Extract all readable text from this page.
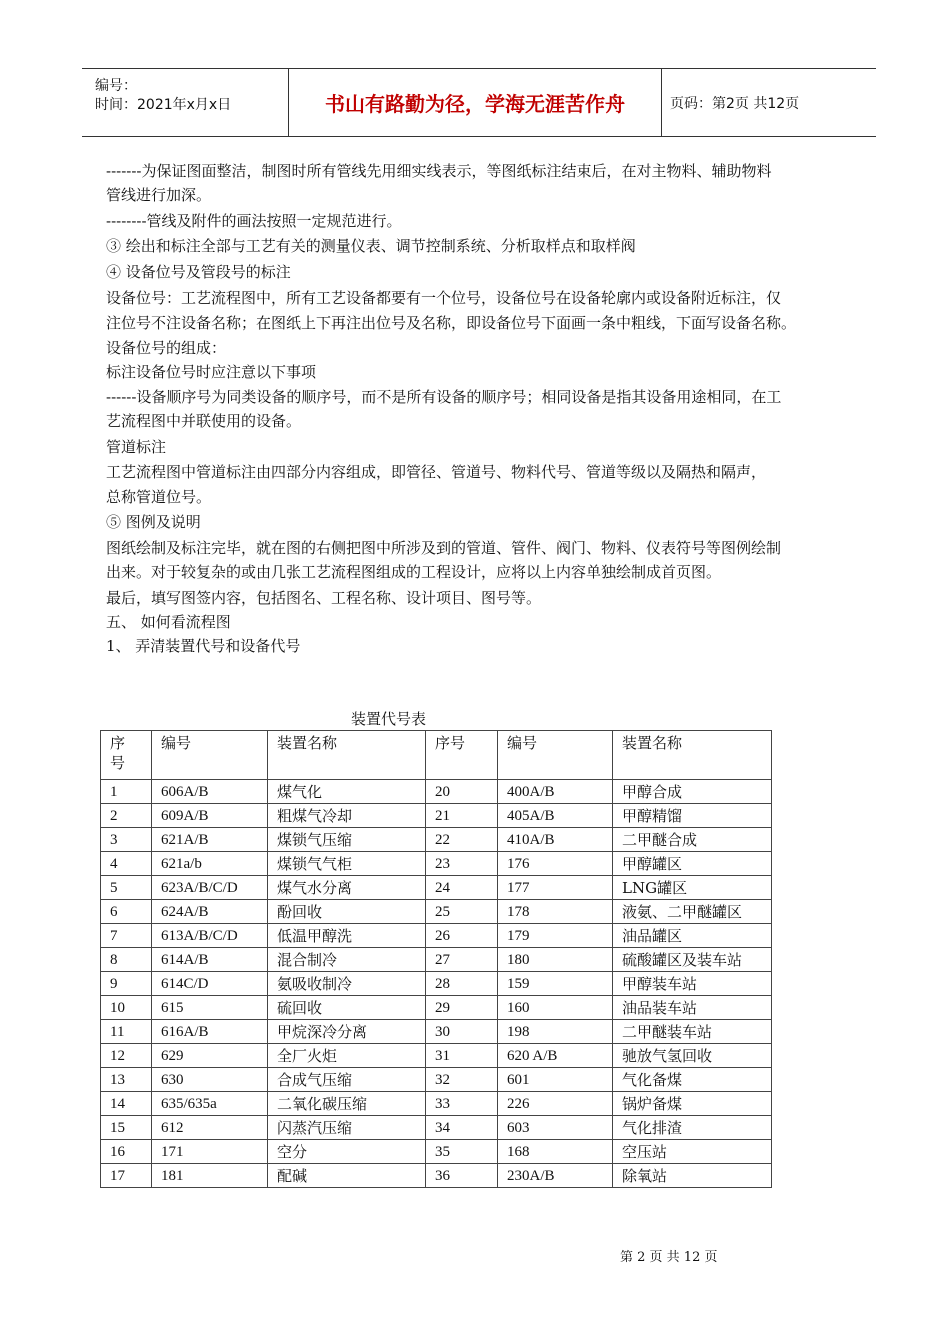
编号：
时间：2021年x月x日	书山有路勤为径，学海无涯苦作舟	页码：第2页 共12页
-------为保证图面整洁，制图时所有管线先用细实线表示，等图纸标注结束后，在对主物料、辅助物料
管线进行加深。
--------管线及附件的画法按照一定规范进行。
③ 绘出和标注全部与工艺有关的测量仪表、调节控制系统、分析取样点和取样阀
④ 设备位号及管段号的标注
设备位号：工艺流程图中，所有工艺设备都要有一个位号，设备位号在设备轮廓内或设备附近标注，仅
注位号不注设备名称；在图纸上下再注出位号及名称，即设备位号下面画一条中粗线，下面写设备名称。
设备位号的组成：
标注设备位号时应注意以下事项
------设备顺序号为同类设备的顺序号，而不是所有设备的顺序号；相同设备是指其设备用途相同，在工
艺流程图中并联使用的设备。
管道标注
工艺流程图中管道标注由四部分内容组成，即管径、管道号、物料代号、管道等级以及隔热和隔声，
总称管道位号。
⑤ 图例及说明
图纸绘制及标注完毕，就在图的右侧把图中所涉及到的管道、管件、阀门、物料、仪表符号等图例绘制
出来。对于较复杂的或由几张工艺流程图组成的工程设计，应将以上内容单独绘制成首页图。
最后，填写图签内容，包括图名、工程名称、设计项目、图号等。
五、 如何看流程图
1、 弄清装置代号和设备代号
装置代号表
序号	编号	装置名称	序号	编号	装置名称
1	606A/B	煤气化	20	400A/B	甲醇合成
2	609A/B	粗煤气冷却	21	405A/B	甲醇精馏
3	621A/B	煤锁气压缩	22	410A/B	二甲醚合成
4	621a/b	煤锁气气柜	23	176	甲醇罐区
5	623A/B/C/D	煤气水分离	24	177	LNG罐区
6	624A/B	酚回收	25	178	液氨、二甲醚罐区
7	613A/B/C/D	低温甲醇洗	26	179	油品罐区
8	614A/B	混合制冷	27	180	硫酸罐区及装车站
9	614C/D	氨吸收制冷	28	159	甲醇装车站
10	615	硫回收	29	160	油品装车站
11	616A/B	甲烷深冷分离	30	198	二甲醚装车站
12	629	全厂火炬	31	620 A/B	驰放气氢回收
13	630	合成气压缩	32	601	气化备煤
14	635/635a	二氧化碳压缩	33	226	锅炉备煤
15	612	闪蒸汽压缩	34	603	气化排渣
16	171	空分	35	168	空压站
17	181	配碱	36	230A/B	除氧站
第 2 页 共 12 页
